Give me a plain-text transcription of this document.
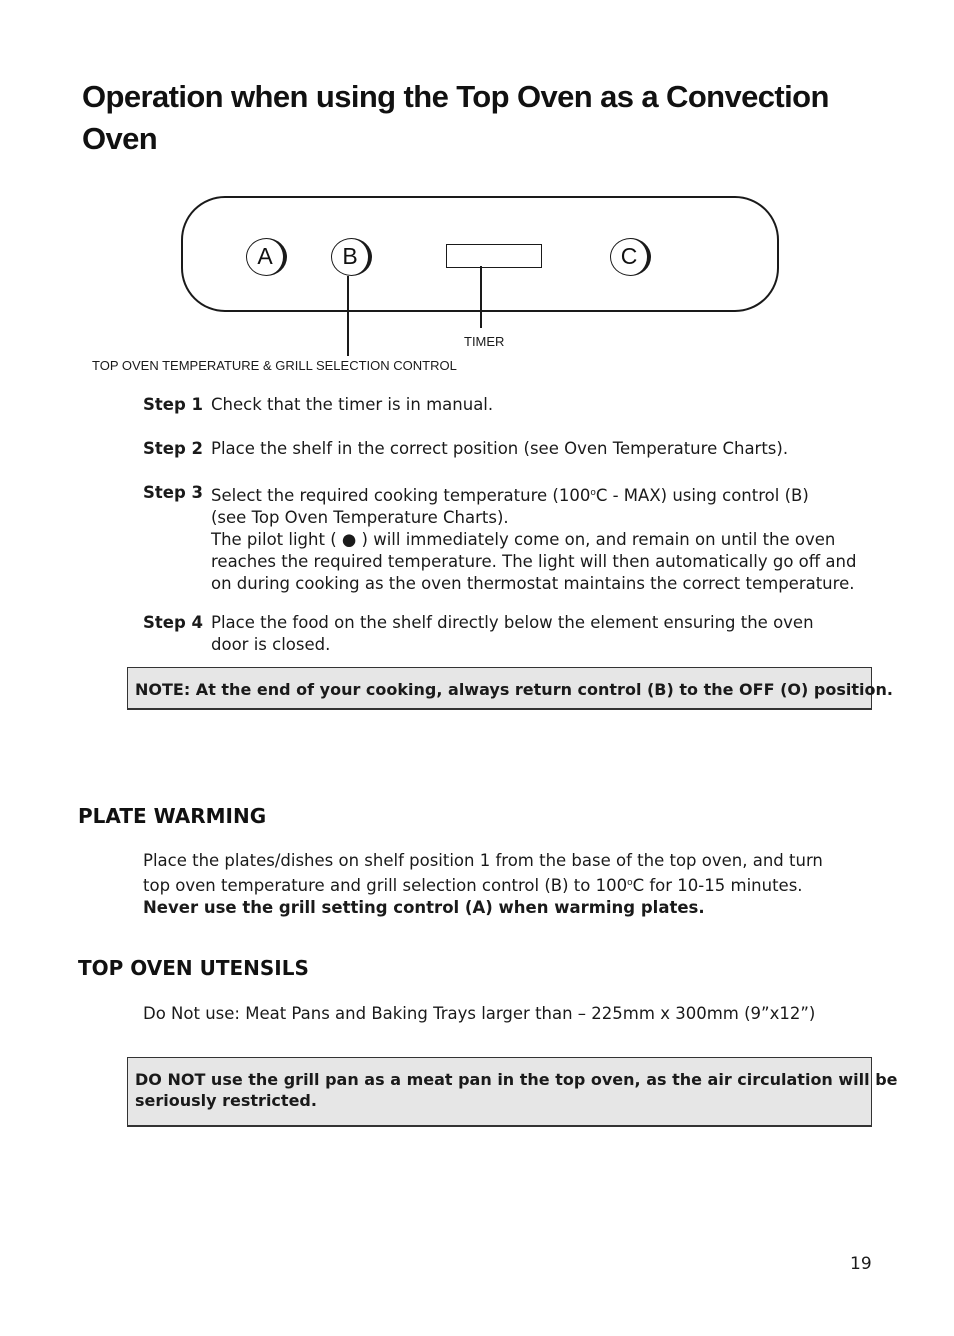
Operation when using the Top Oven as a Convection Oven
A	B	C
TIMER
TOP OVEN TEMPERATURE & GRILL SELECTION CONTROL
Step 1 Check that the timer is in manual.
Step 2 Place the shelf in the correct position (see Oven Temperature Charts).
Step 3 Select the required cooking temperature (100$^o$C - MAX) using control (B)
(see Top Oven Temperature Charts).
The pilot light ( ● ) will immediately come on, and remain on until the oven
reaches the required temperature. The light will then automatically go off and
on during cooking as the oven thermostat maintains the correct temperature.
Step 4 Place the food on the shelf directly below the element ensuring the oven
door is closed.
NOTE: At the end of your cooking, always return control (B) to the OFF (O) position.
PLATE WARMING
Place the plates/dishes on shelf position 1 from the base of the top oven, and turn
top oven temperature and grill selection control (B) to 100$^o$C for 10-15 minutes.
Never use the grill setting control (A) when warming plates.
TOP OVEN UTENSILS
Do Not use: Meat Pans and Baking Trays larger than – 225mm x 300mm (9”x12”)
DO NOT use the grill pan as a meat pan in the top oven, as the air circulation will be
seriously restricted.
19
